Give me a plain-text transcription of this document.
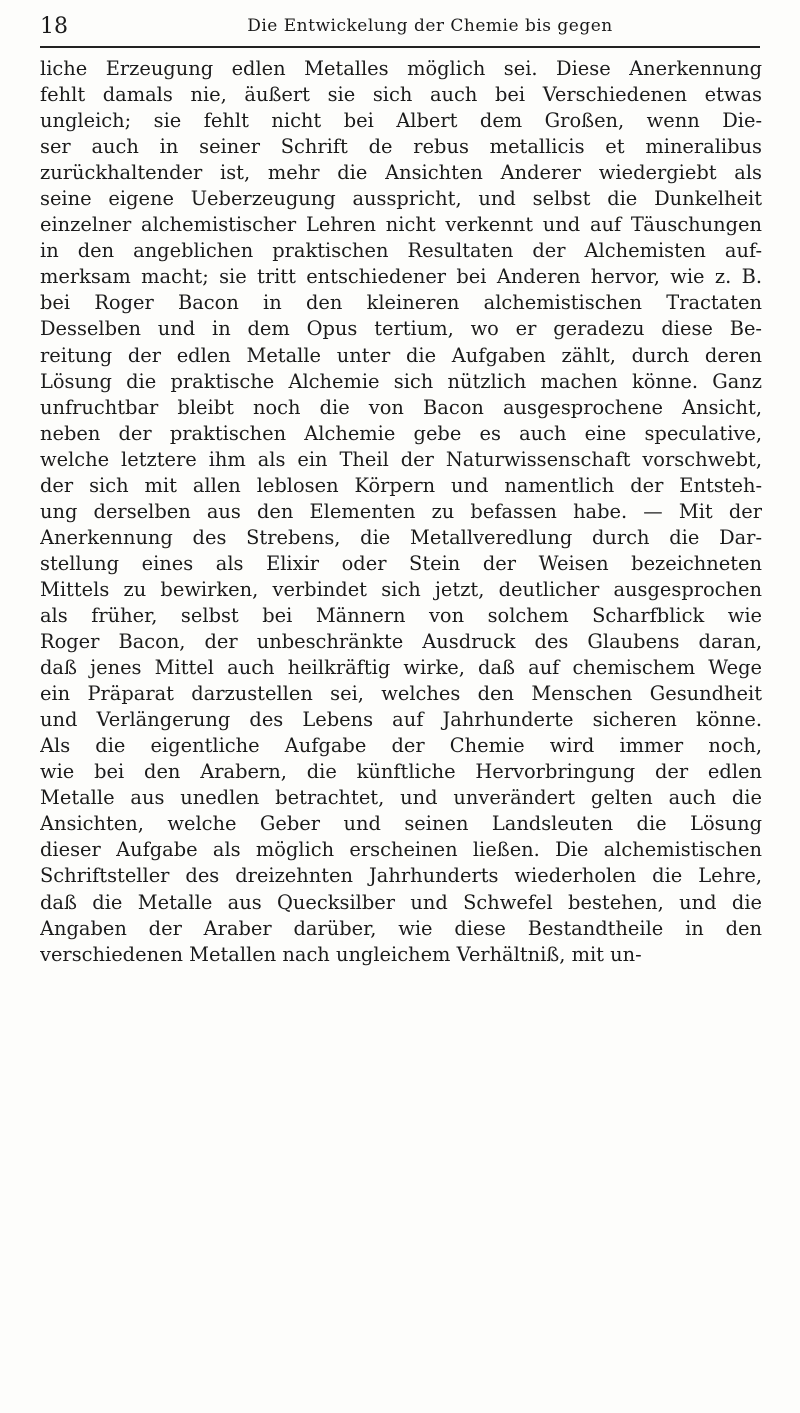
18	Die Entwickelung der Chemie bis gegen
liche Erzeugung edlen Metalles möglich sei. Diese Anerkennung
fehlt damals nie, äußert sie sich auch bei Verschiedenen etwas
ungleich; sie fehlt nicht bei Albert dem Großen, wenn Die-
ser auch in seiner Schrift de rebus metallicis et mineralibus
zurückhaltender ist, mehr die Ansichten Anderer wiedergiebt als
seine eigene Ueberzeugung ausspricht, und selbst die Dunkelheit
einzelner alchemistischer Lehren nicht verkennt und auf Täuschungen
in den angeblichen praktischen Resultaten der Alchemisten auf-
merksam macht; sie tritt entschiedener bei Anderen hervor, wie z. B.
bei Roger Bacon in den kleineren alchemistischen Tractaten
Desselben und in dem Opus tertium, wo er geradezu diese Be-
reitung der edlen Metalle unter die Aufgaben zählt, durch deren
Lösung die praktische Alchemie sich nützlich machen könne. Ganz
unfruchtbar bleibt noch die von Bacon ausgesprochene Ansicht,
neben der praktischen Alchemie gebe es auch eine speculative,
welche letztere ihm als ein Theil der Naturwissenschaft vorschwebt,
der sich mit allen leblosen Körpern und namentlich der Entsteh-
ung derselben aus den Elementen zu befassen habe. — Mit der
Anerkennung des Strebens, die Metallveredlung durch die Dar-
stellung eines als Elixir oder Stein der Weisen bezeichneten
Mittels zu bewirken, verbindet sich jetzt, deutlicher ausgesprochen
als früher, selbst bei Männern von solchem Scharfblick wie
Roger Bacon, der unbeschränkte Ausdruck des Glaubens daran,
daß jenes Mittel auch heilkräftig wirke, daß auf chemischem Wege
ein Präparat darzustellen sei, welches den Menschen Gesundheit
und Verlängerung des Lebens auf Jahrhunderte sicheren könne.
Als die eigentliche Aufgabe der Chemie wird immer noch,
wie bei den Arabern, die künftliche Hervorbringung der edlen
Metalle aus unedlen betrachtet, und unverändert gelten auch die
Ansichten, welche Geber und seinen Landsleuten die Lösung
dieser Aufgabe als möglich erscheinen ließen. Die alchemistischen
Schriftsteller des dreizehnten Jahrhunderts wiederholen die Lehre,
daß die Metalle aus Quecksilber und Schwefel bestehen, und die
Angaben der Araber darüber, wie diese Bestandtheile in den
verschiedenen Metallen nach ungleichem Verhältniß, mit un-
